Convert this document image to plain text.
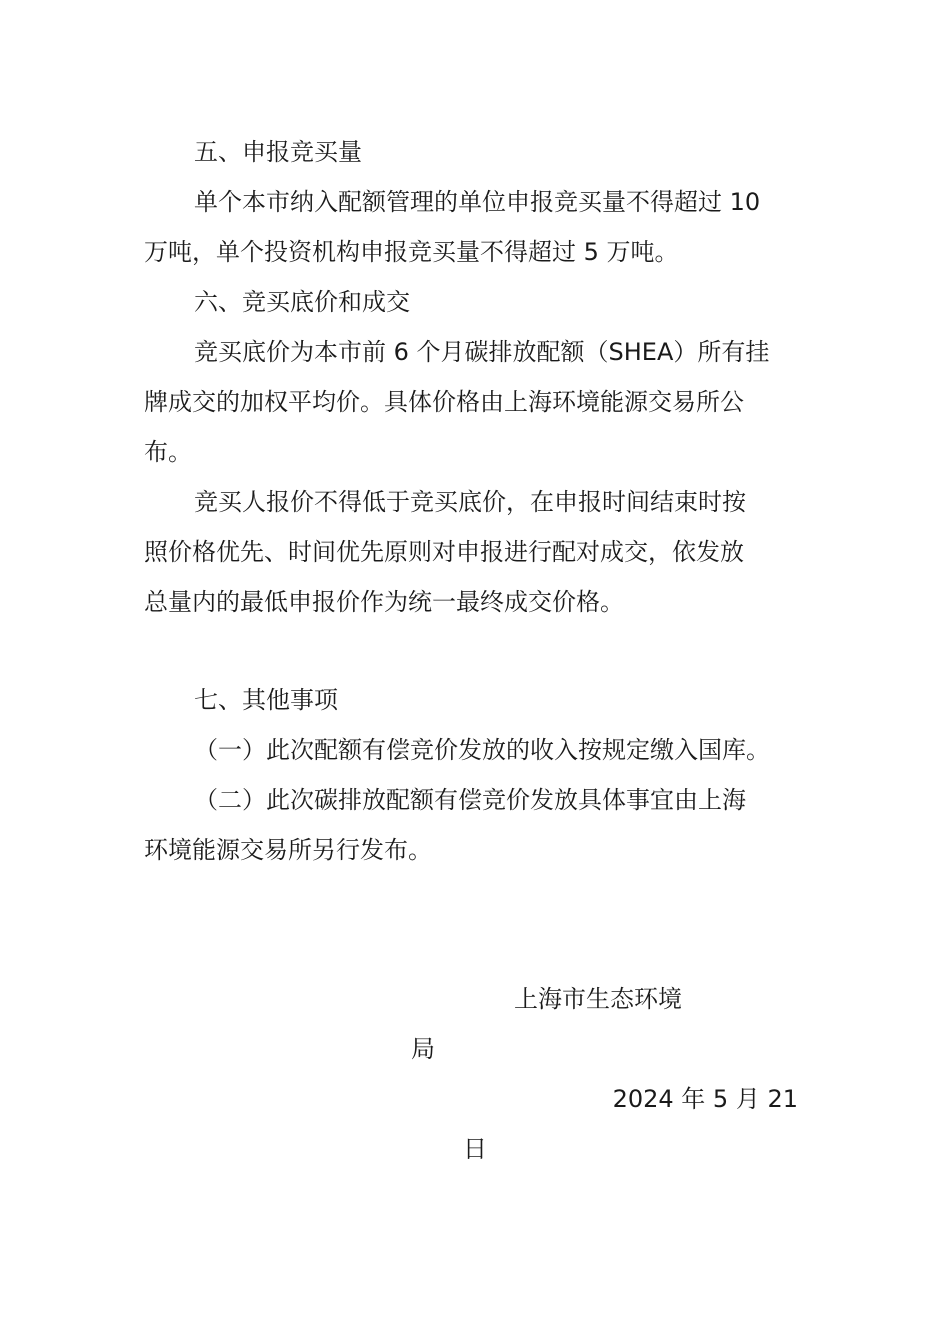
五、申报竞买量
单个本市纳入配额管理的单位申报竞买量不得超过 10
万吨，单个投资机构申报竞买量不得超过 5 万吨。
六、竞买底价和成交
竞买底价为本市前 6 个月碳排放配额（SHEA）所有挂
牌成交的加权平均价。具体价格由上海环境能源交易所公
布。
竞买人报价不得低于竞买底价，在申报时间结束时按
照价格优先、时间优先原则对申报进行配对成交，依发放
总量内的最低申报价作为统一最终成交价格。
七、其他事项
（一）此次配额有偿竞价发放的收入按规定缴入国库。
（二）此次碳排放配额有偿竞价发放具体事宜由上海
环境能源交易所另行发布。
上海市生态环境
局
2024 年 5 月 21
日
